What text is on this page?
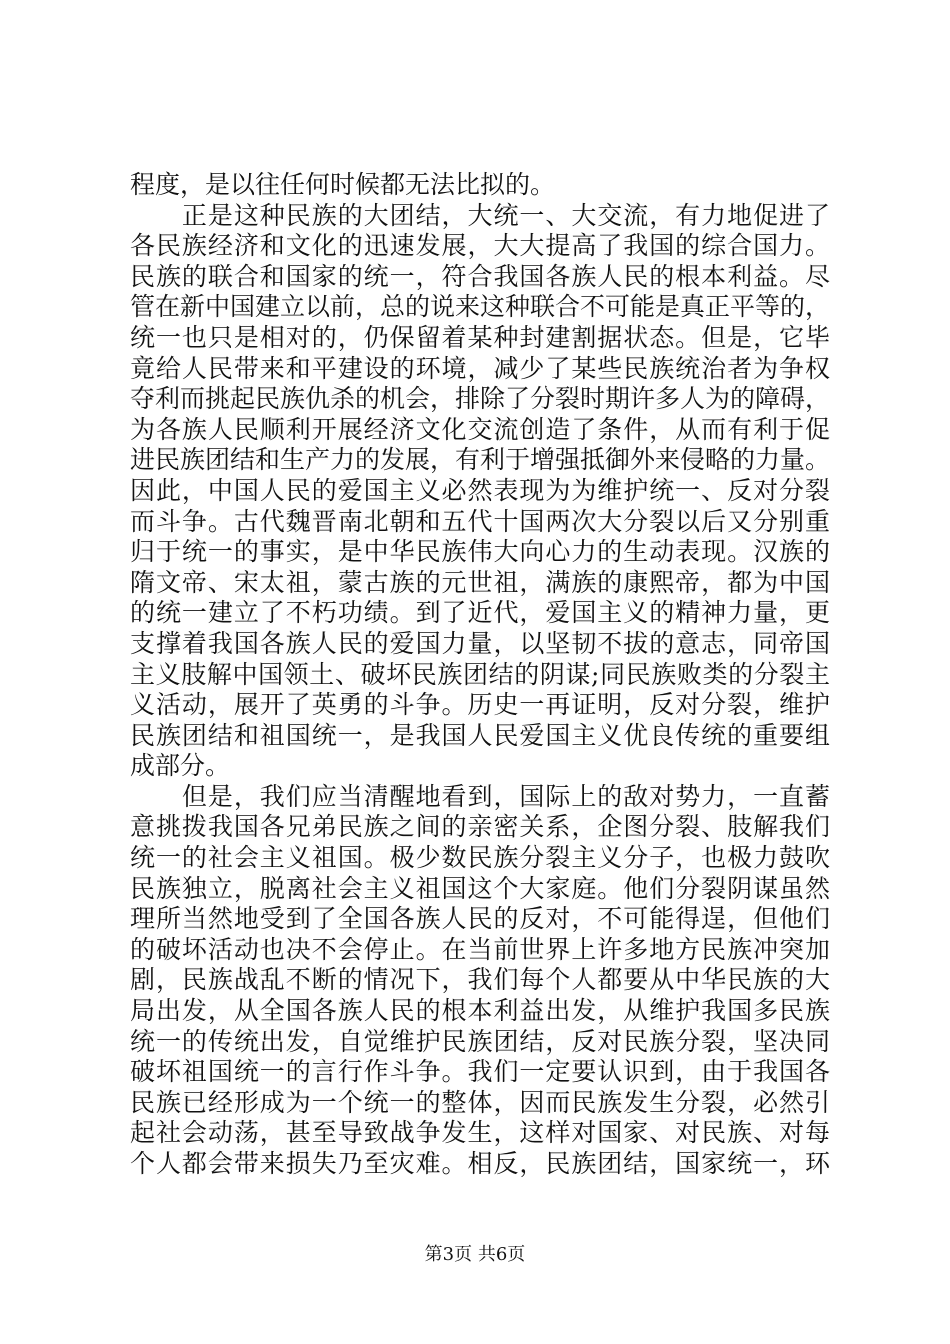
程度，是以往任何时候都无法比拟的。
　　正是这种民族的大团结，大统一、大交流，有力地促进了
各民族经济和文化的迅速发展，大大提高了我国的综合国力。
民族的联合和国家的统一，符合我国各族人民的根本利益。尽
管在新中国建立以前，总的说来这种联合不可能是真正平等的，
统一也只是相对的，仍保留着某种封建割据状态。但是，它毕
竟给人民带来和平建设的环境，减少了某些民族统治者为争权
夺利而挑起民族仇杀的机会，排除了分裂时期许多人为的障碍，
为各族人民顺利开展经济文化交流创造了条件，从而有利于促
进民族团结和生产力的发展，有利于增强抵御外来侵略的力量。
因此，中国人民的爱国主义必然表现为为维护统一、反对分裂
而斗争。古代魏晋南北朝和五代十国两次大分裂以后又分别重
归于统一的事实，是中华民族伟大向心力的生动表现。汉族的
隋文帝、宋太祖，蒙古族的元世祖，满族的康熙帝，都为中国
的统一建立了不朽功绩。到了近代，爱国主义的精神力量，更
支撑着我国各族人民的爱国力量，以坚韧不拔的意志，同帝国
主义肢解中国领土、破坏民族团结的阴谋;同民族败类的分裂主
义活动，展开了英勇的斗争。历史一再证明，反对分裂，维护
民族团结和祖国统一，是我国人民爱国主义优良传统的重要组
成部分。
　　但是，我们应当清醒地看到，国际上的敌对势力，一直蓄
意挑拨我国各兄弟民族之间的亲密关系，企图分裂、肢解我们
统一的社会主义祖国。极少数民族分裂主义分子，也极力鼓吹
民族独立，脱离社会主义祖国这个大家庭。他们分裂阴谋虽然
理所当然地受到了全国各族人民的反对，不可能得逞，但他们
的破坏活动也决不会停止。在当前世界上许多地方民族冲突加
剧，民族战乱不断的情况下，我们每个人都要从中华民族的大
局出发，从全国各族人民的根本利益出发，从维护我国多民族
统一的传统出发，自觉维护民族团结，反对民族分裂，坚决同
破坏祖国统一的言行作斗争。我们一定要认识到，由于我国各
民族已经形成为一个统一的整体，因而民族发生分裂，必然引
起社会动荡，甚至导致战争发生，这样对国家、对民族、对每
个人都会带来损失乃至灾难。相反，民族团结，国家统一，环
第3页 共6页
